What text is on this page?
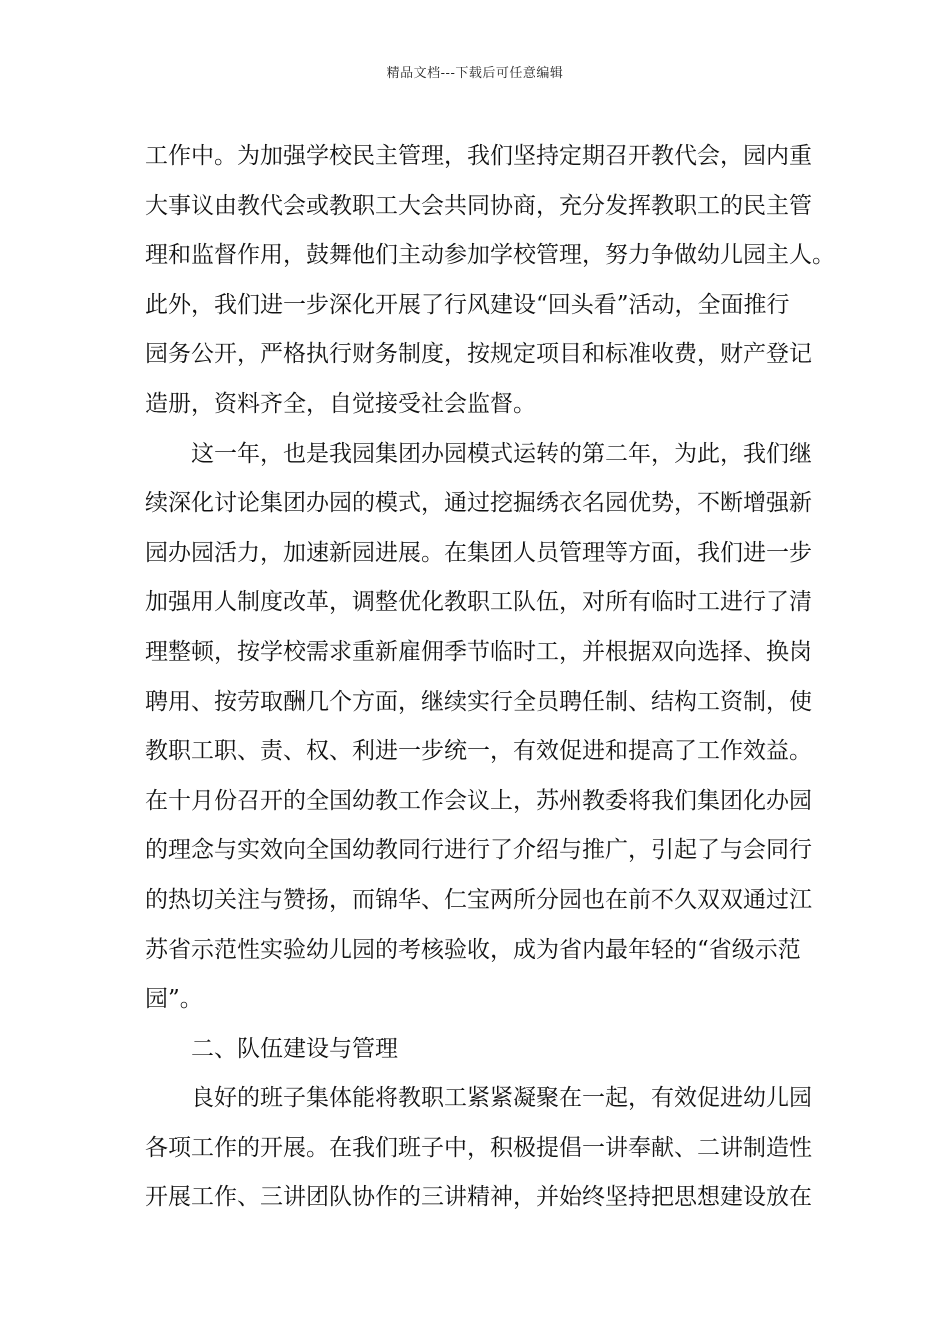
精品文档---下载后可任意编辑
工作中。为加强学校民主管理，我们坚持定期召开教代会，园内重
大事议由教代会或教职工大会共同协商，充分发挥教职工的民主管
理和监督作用，鼓舞他们主动参加学校管理，努力争做幼儿园主人。
此外，我们进一步深化开展了行风建设“回头看”活动，全面推行
园务公开，严格执行财务制度，按规定项目和标准收费，财产登记
造册，资料齐全，自觉接受社会监督。
这一年，也是我园集团办园模式运转的第二年，为此，我们继
续深化讨论集团办园的模式，通过挖掘绣衣名园优势，不断增强新
园办园活力，加速新园进展。在集团人员管理等方面，我们进一步
加强用人制度改革，调整优化教职工队伍，对所有临时工进行了清
理整顿，按学校需求重新雇佣季节临时工，并根据双向选择、换岗
聘用、按劳取酬几个方面，继续实行全员聘任制、结构工资制，使
教职工职、责、权、利进一步统一，有效促进和提高了工作效益。
在十月份召开的全国幼教工作会议上，苏州教委将我们集团化办园
的理念与实效向全国幼教同行进行了介绍与推广，引起了与会同行
的热切关注与赞扬，而锦华、仁宝两所分园也在前不久双双通过江
苏省示范性实验幼儿园的考核验收，成为省内最年轻的“省级示范
园”。
二、队伍建设与管理
良好的班子集体能将教职工紧紧凝聚在一起，有效促进幼儿园
各项工作的开展。在我们班子中，积极提倡一讲奉献、二讲制造性
开展工作、三讲团队协作的三讲精神，并始终坚持把思想建设放在
